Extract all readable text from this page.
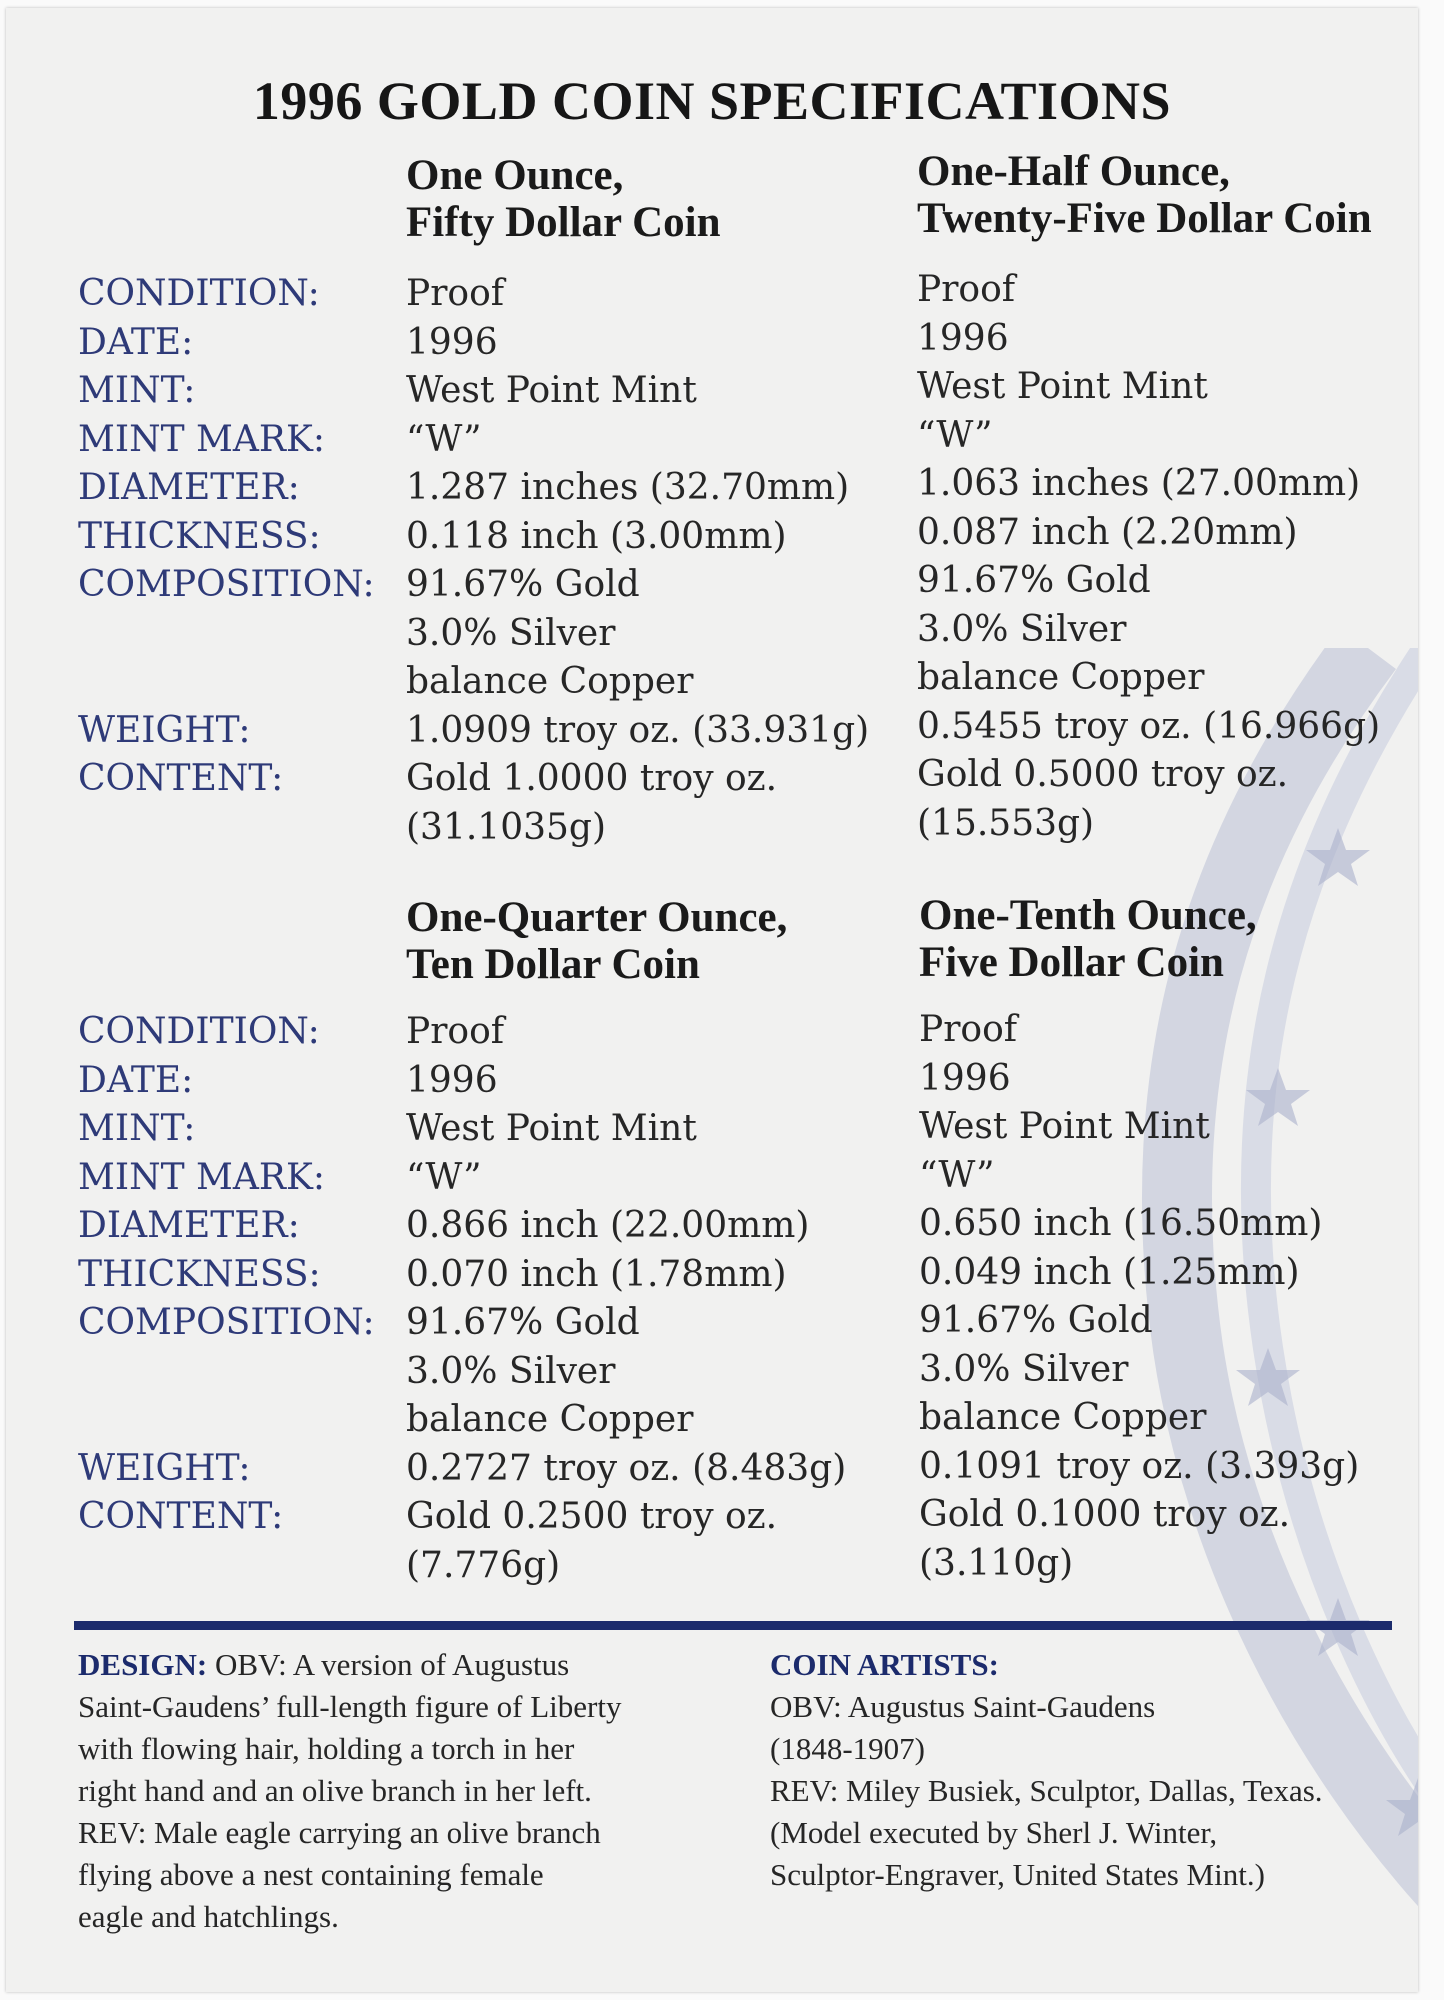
1996 GOLD COIN SPECIFICATIONS
One Ounce,
Fifty Dollar Coin
One-Half Ounce,
Twenty-Five Dollar Coin
CONDITION:
DATE:
MINT:
MINT MARK:
DIAMETER:
THICKNESS:
COMPOSITION:
WEIGHT:
CONTENT:
Proof
1996
West Point Mint
“W”
1.287 inches (32.70mm)
0.118 inch (3.00mm)
91.67% Gold
3.0% Silver
balance Copper
1.0909 troy oz. (33.931g)
Gold 1.0000 troy oz.
(31.1035g)
Proof
1996
West Point Mint
“W”
1.063 inches (27.00mm)
0.087 inch (2.20mm)
91.67% Gold
3.0% Silver
balance Copper
0.5455 troy oz. (16.966g)
Gold 0.5000 troy oz.
(15.553g)
One-Quarter Ounce,
Ten Dollar Coin
One-Tenth Ounce,
Five Dollar Coin
CONDITION:
DATE:
MINT:
MINT MARK:
DIAMETER:
THICKNESS:
COMPOSITION:
WEIGHT:
CONTENT:
Proof
1996
West Point Mint
“W”
0.866 inch (22.00mm)
0.070 inch (1.78mm)
91.67% Gold
3.0% Silver
balance Copper
0.2727 troy oz. (8.483g)
Gold 0.2500 troy oz.
(7.776g)
Proof
1996
West Point Mint
“W”
0.650 inch (16.50mm)
0.049 inch (1.25mm)
91.67% Gold
3.0% Silver
balance Copper
0.1091 troy oz. (3.393g)
Gold 0.1000 troy oz.
(3.110g)
DESIGN: OBV: A version of Augustus
Saint-Gaudens’ full-length figure of Liberty
with flowing hair, holding a torch in her
right hand and an olive branch in her left.
REV: Male eagle carrying an olive branch
flying above a nest containing female
eagle and hatchlings.
COIN ARTISTS:
OBV: Augustus Saint-Gaudens
(1848-1907)
REV: Miley Busiek, Sculptor, Dallas, Texas.
(Model executed by Sherl J. Winter,
Sculptor-Engraver, United States Mint.)
